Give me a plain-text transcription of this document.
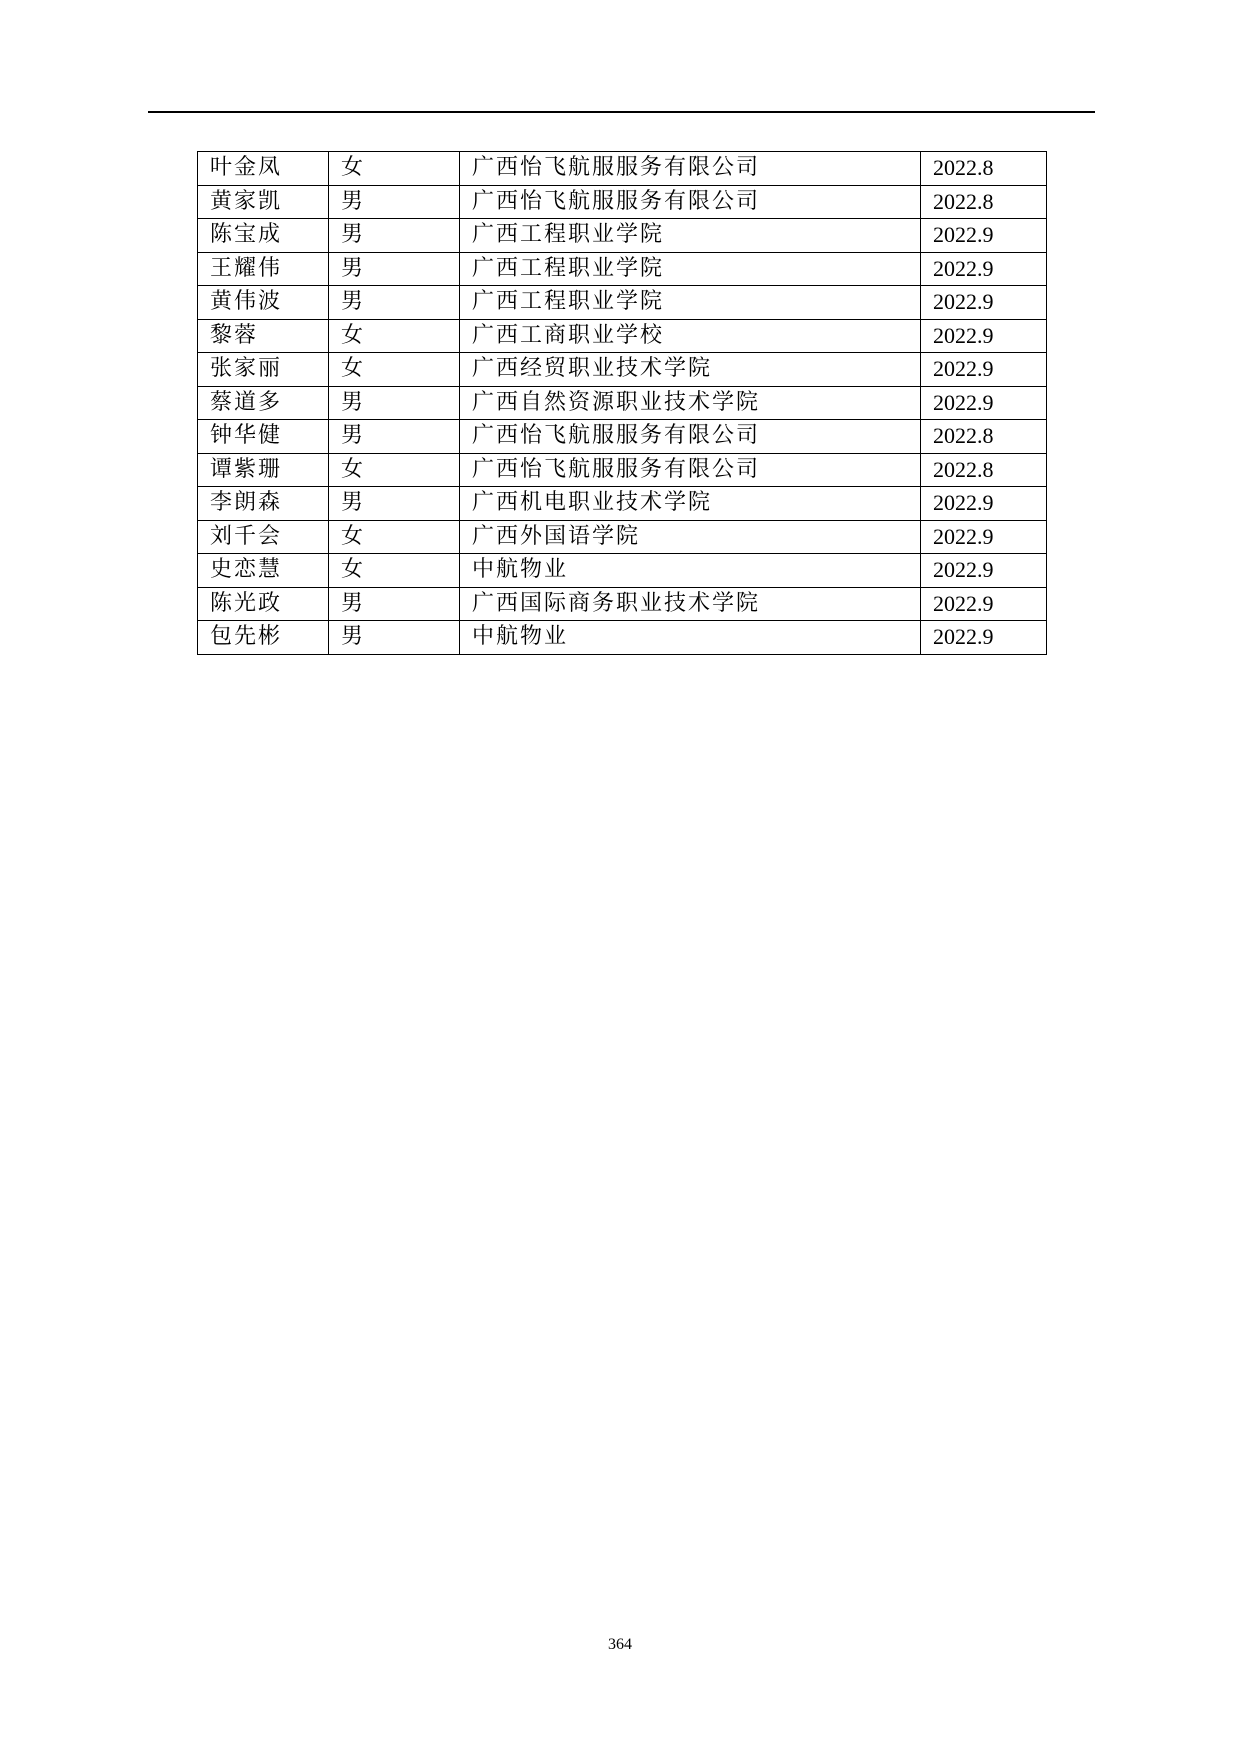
叶金凤	女	广西怡飞航服服务有限公司	2022.8
黄家凯	男	广西怡飞航服服务有限公司	2022.8
陈宝成	男	广西工程职业学院	2022.9
王耀伟	男	广西工程职业学院	2022.9
黄伟波	男	广西工程职业学院	2022.9
黎蓉	女	广西工商职业学校	2022.9
张家丽	女	广西经贸职业技术学院	2022.9
蔡道多	男	广西自然资源职业技术学院	2022.9
钟华健	男	广西怡飞航服服务有限公司	2022.8
谭紫珊	女	广西怡飞航服服务有限公司	2022.8
李朗森	男	广西机电职业技术学院	2022.9
刘千会	女	广西外国语学院	2022.9
史恋慧	女	中航物业	2022.9
陈光政	男	广西国际商务职业技术学院	2022.9
包先彬	男	中航物业	2022.9
364
